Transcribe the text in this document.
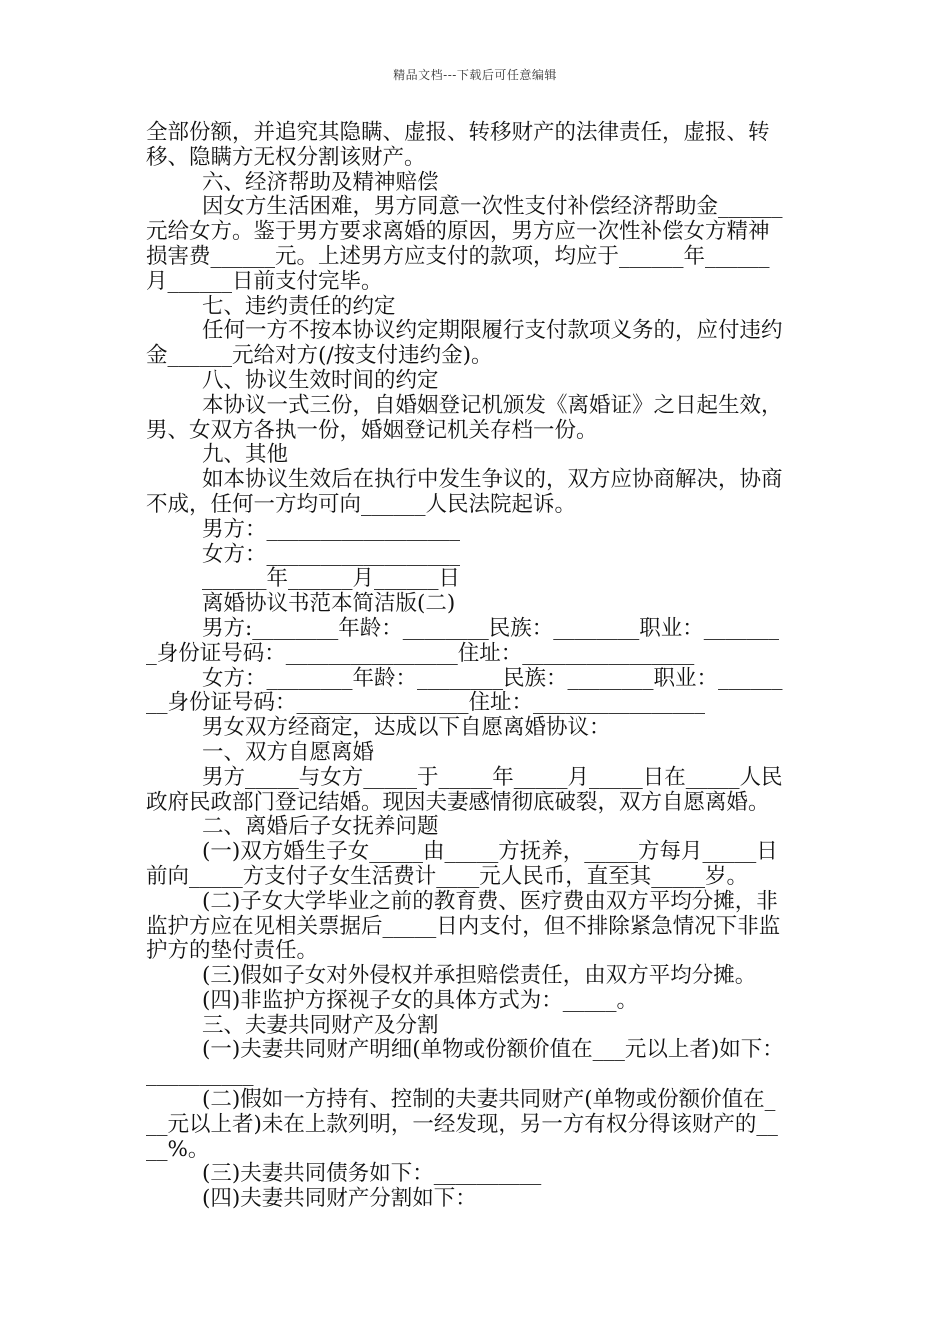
精品文档---下载后可任意编辑
全部份额，并追究其隐瞒、虚报、转移财产的法律责任，虚报、转
移、隐瞒方无权分割该财产。
六、经济帮助及精神赔偿
因女方生活困难，男方同意一次性支付补偿经济帮助金______
元给女方。鉴于男方要求离婚的原因，男方应一次性补偿女方精神
损害费______元。上述男方应支付的款项，均应于______年______
月______日前支付完毕。
七、违约责任的约定
任何一方不按本协议约定期限履行支付款项义务的，应付违约
金______元给对方(/按支付违约金)。
八、协议生效时间的约定
本协议一式三份，自婚姻登记机颁发《离婚证》之日起生效，
男、女双方各执一份，婚姻登记机关存档一份。
九、其他
如本协议生效后在执行中发生争议的，双方应协商解决，协商
不成，任何一方均可向______人民法院起诉。
男方：__________________
女方：__________________
______年______月______日
离婚协议书范本简洁版(二)
男方:________年龄：________民族：________职业：_______
_身份证号码：________________住址：________________
女方：________年龄：________民族：________职业：______
__身份证号码：________________住址：________________
男女双方经商定，达成以下自愿离婚协议：
一、双方自愿离婚
男方_____与女方_____于_____年_____月_____日在_____人民
政府民政部门登记结婚。现因夫妻感情彻底破裂，双方自愿离婚。
二、离婚后子女抚养问题
(一)双方婚生子女_____由_____方抚养，_____方每月_____日
前向_____方支付子女生活费计____元人民币，直至其_____岁。
(二)子女大学毕业之前的教育费、医疗费由双方平均分摊，非
监护方应在见相关票据后_____日内支付，但不排除紧急情况下非监
护方的垫付责任。
(三)假如子女对外侵权并承担赔偿责任，由双方平均分摊。
(四)非监护方探视子女的具体方式为：_____。
三、夫妻共同财产及分割
(一)夫妻共同财产明细(单物或份额价值在___元以上者)如下：
__________
(二)假如一方持有、控制的夫妻共同财产(单物或份额价值在_
__元以上者)未在上款列明，一经发现，另一方有权分得该财产的__
__%。
(三)夫妻共同债务如下：__________
(四)夫妻共同财产分割如下：
